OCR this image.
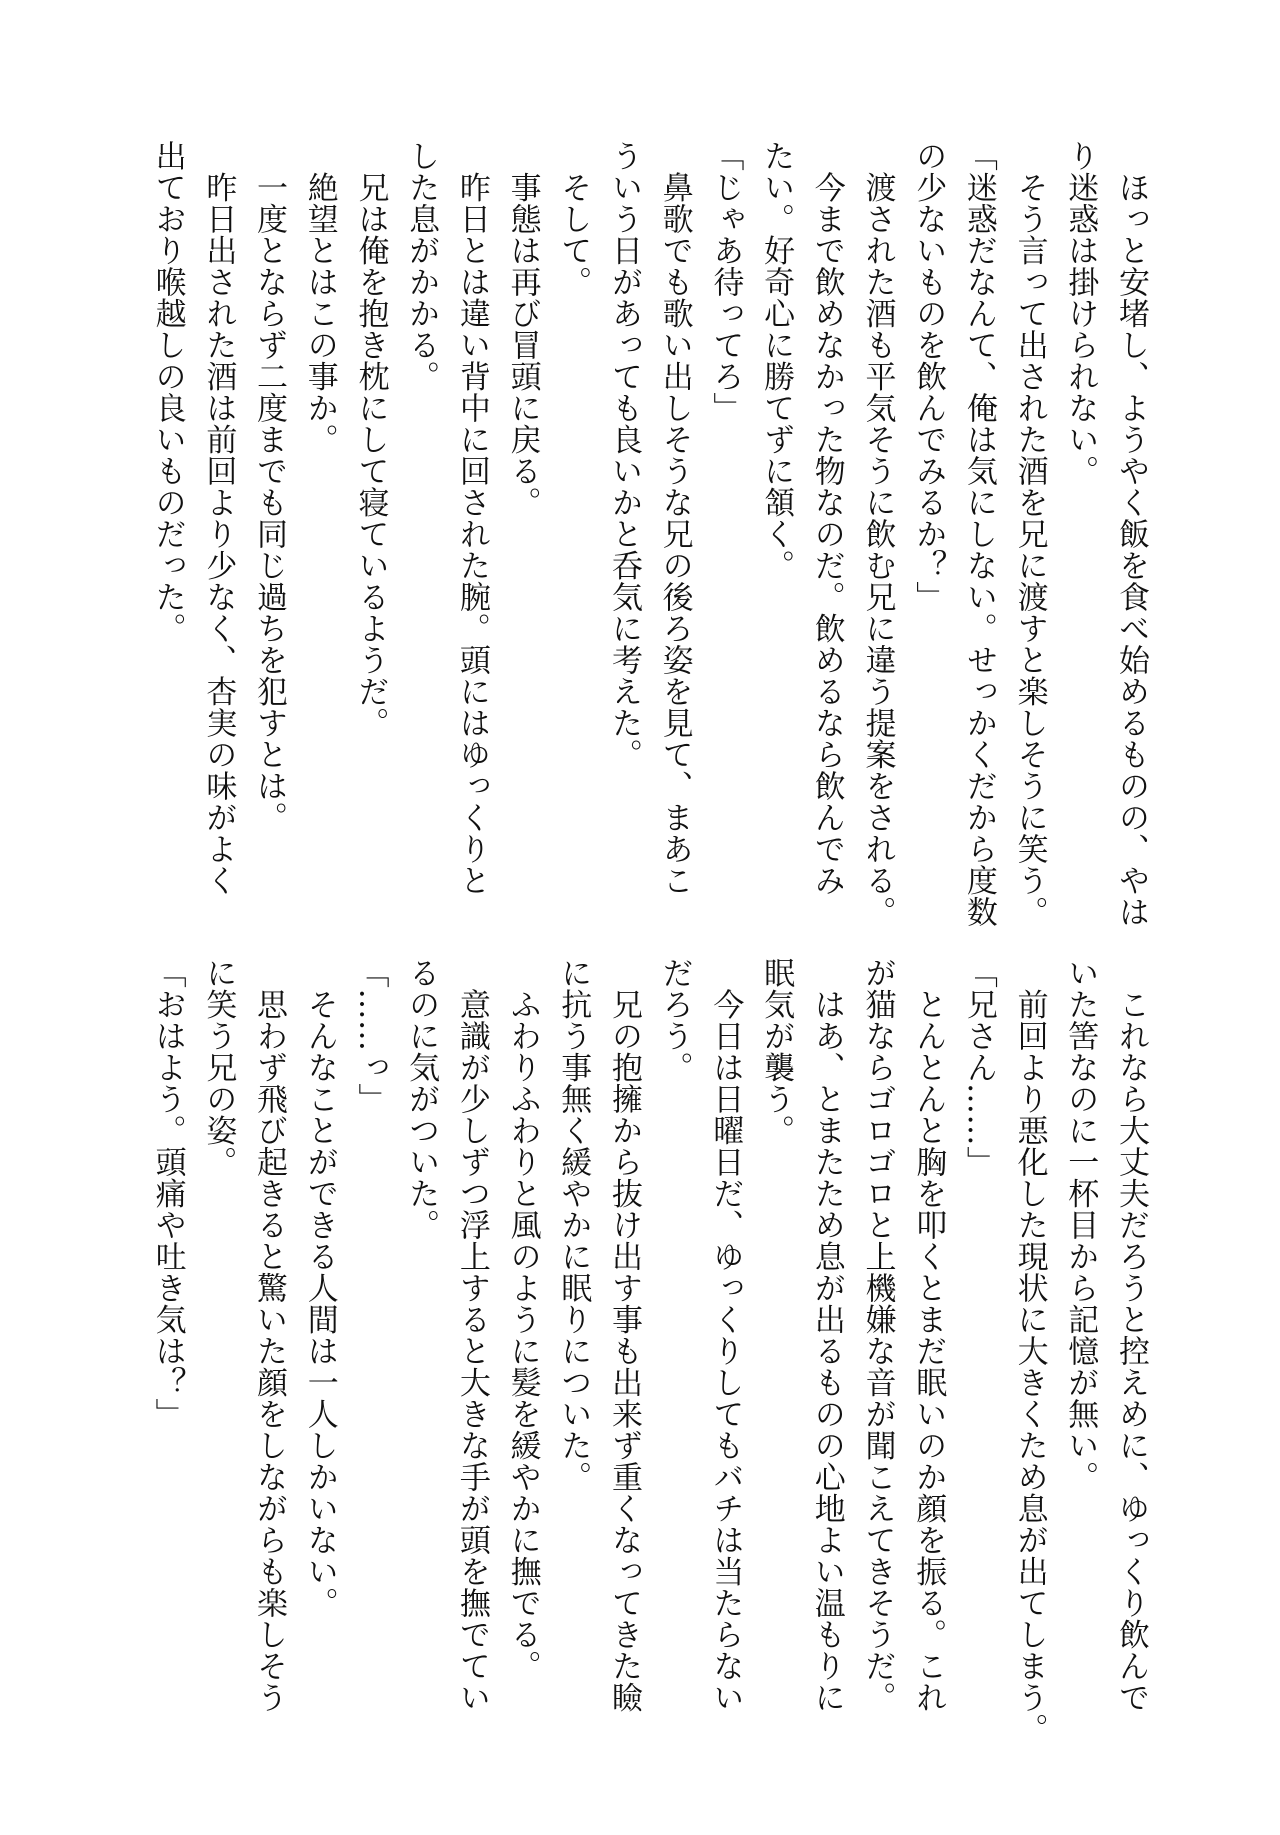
　ほっと安堵し、ようやく飯を食べ始めるものの、やは
り迷惑は掛けられない。
　そう言って出された酒を兄に渡すと楽しそうに笑う。
「迷惑だなんて、俺は気にしない。せっかくだから度数
の少ないものを飲んでみるか？」
　渡された酒も平気そうに飲む兄に違う提案をされる。
　今まで飲めなかった物なのだ。飲めるなら飲んでみ
たい。好奇心に勝てずに頷く。
「じゃあ待ってろ」
　鼻歌でも歌い出しそうな兄の後ろ姿を見て、まあこ
ういう日があっても良いかと呑気に考えた。
　そして。
　事態は再び冒頭に戻る。
　昨日とは違い背中に回された腕。頭にはゆっくりと
した息がかかる。
　兄は俺を抱き枕にして寝ているようだ。
　絶望とはこの事か。
　一度とならず二度までも同じ過ちを犯すとは。
　昨日出された酒は前回より少なく、杏実の味がよく
出ており喉越しの良いものだった。
　これなら大丈夫だろうと控えめに、ゆっくり飲んで
いた筈なのに一杯目から記憶が無い。
　前回より悪化した現状に大きくため息が出てしまう。
「兄さん……」
　とんとんと胸を叩くとまだ眠いのか顔を振る。これ
が猫ならゴロゴロと上機嫌な音が聞こえてきそうだ。
　はあ、とまたため息が出るものの心地よい温もりに
眠気が襲う。
　今日は日曜日だ、ゆっくりしてもバチは当たらない
だろう。
　兄の抱擁から抜け出す事も出来ず重くなってきた瞼
に抗う事無く緩やかに眠りについた。
　ふわりふわりと風のように髪を緩やかに撫でる。
　意識が少しずつ浮上すると大きな手が頭を撫でてい
るのに気がついた。
「……っ」
　そんなことができる人間は一人しかいない。
　思わず飛び起きると驚いた顔をしながらも楽しそう
に笑う兄の姿。
「おはよう。頭痛や吐き気は？」
